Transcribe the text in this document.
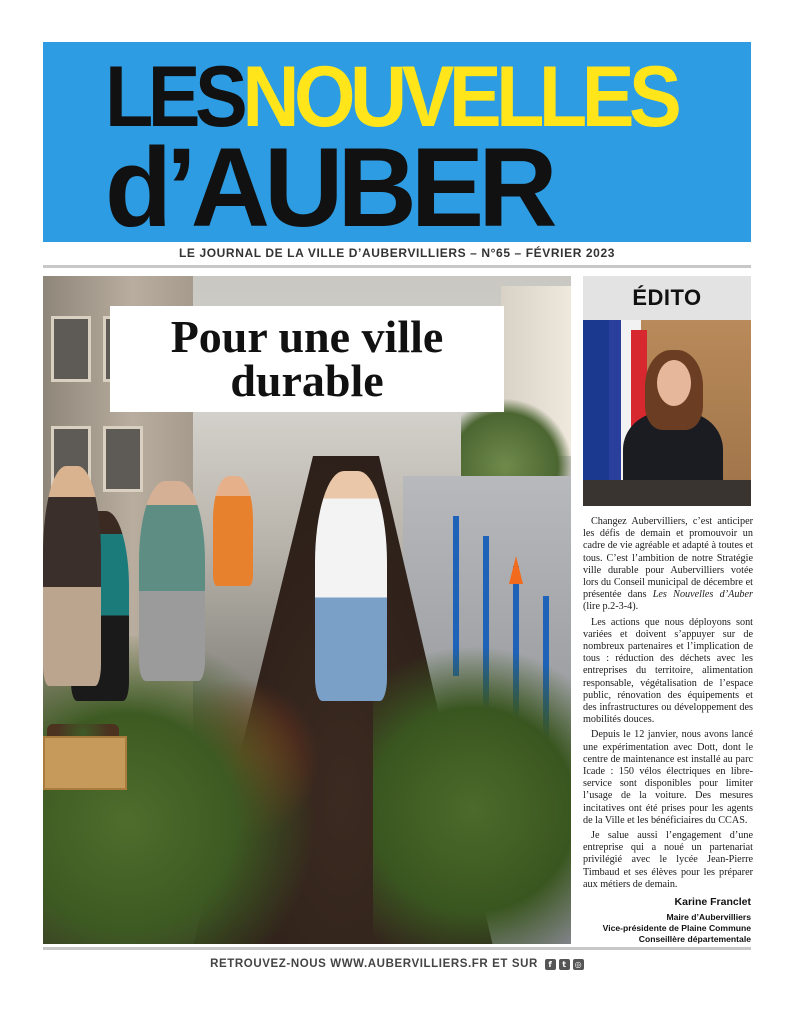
LES NOUVELLES
d’AUBER
LE JOURNAL DE LA VILLE D’AUBERVILLIERS – N°65 – FÉVRIER 2023
Pour une ville durable
ÉDITO

Changez Aubervilliers, c’est anticiper les défis de demain et promouvoir un cadre de vie agréable et adapté à toutes et tous. C’est l’ambition de notre Stratégie ville durable pour Aubervilliers votée lors du Conseil municipal de décembre et présentée dans Les Nouvelles d’Auber (lire p.2-3-4).

Les actions que nous déployons sont variées et doivent s’appuyer sur de nombreux partenaires et l’implication de tous : réduction des déchets avec les entreprises du territoire, alimentation responsable, végétalisation de l’espace public, rénovation des équipements et des infrastructures ou développement des mobilités douces.

Depuis le 12 janvier, nous avons lancé une expérimentation avec Dott, dont le centre de maintenance est installé au parc Icade : 150 vélos électriques en libre-service sont disponibles pour limiter l’usage de la voiture. Des mesures incitatives ont été prises pour les agents de la Ville et les bénéficiaires du CCAS.

Je salue aussi l’engagement d’une entreprise qui a noué un partenariat privilégié avec le lycée Jean-Pierre Timbaud et ses élèves pour les préparer aux métiers de demain.

Karine Franclet
Maire d’Aubervilliers
Vice-présidente de Plaine Commune
Conseillère départementale
RETROUVEZ-NOUS WWW.AUBERVILLIERS.FR ET SUR	f	t ◎
